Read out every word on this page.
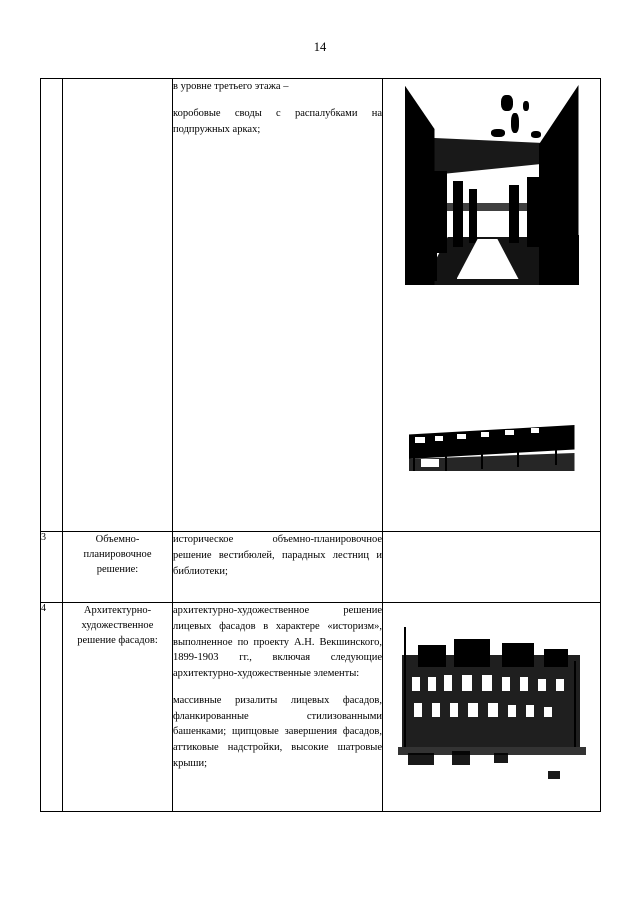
14

		в уровне третьего этажа –

коробовые своды с распалубками на подпружных арках;	

3	Объемно-планировочное решение:	историческое объемно-планировочное решение вестибюлей, парадных лестниц и библиотеки;	

4	Архитектурно-художественное решение фасадов:	архитектурно-художественное решение лицевых фасадов в характере «историзм», выполненное по проекту А.Н. Векшинского, 1899-1903 гг., включая следующие архитектурно-художественные элементы:

массивные ризалиты лицевых фасадов, фланкированные стилизованными башенками; щипцовые завершения фасадов, аттиковые надстройки, высокие шатровые крыши;	
